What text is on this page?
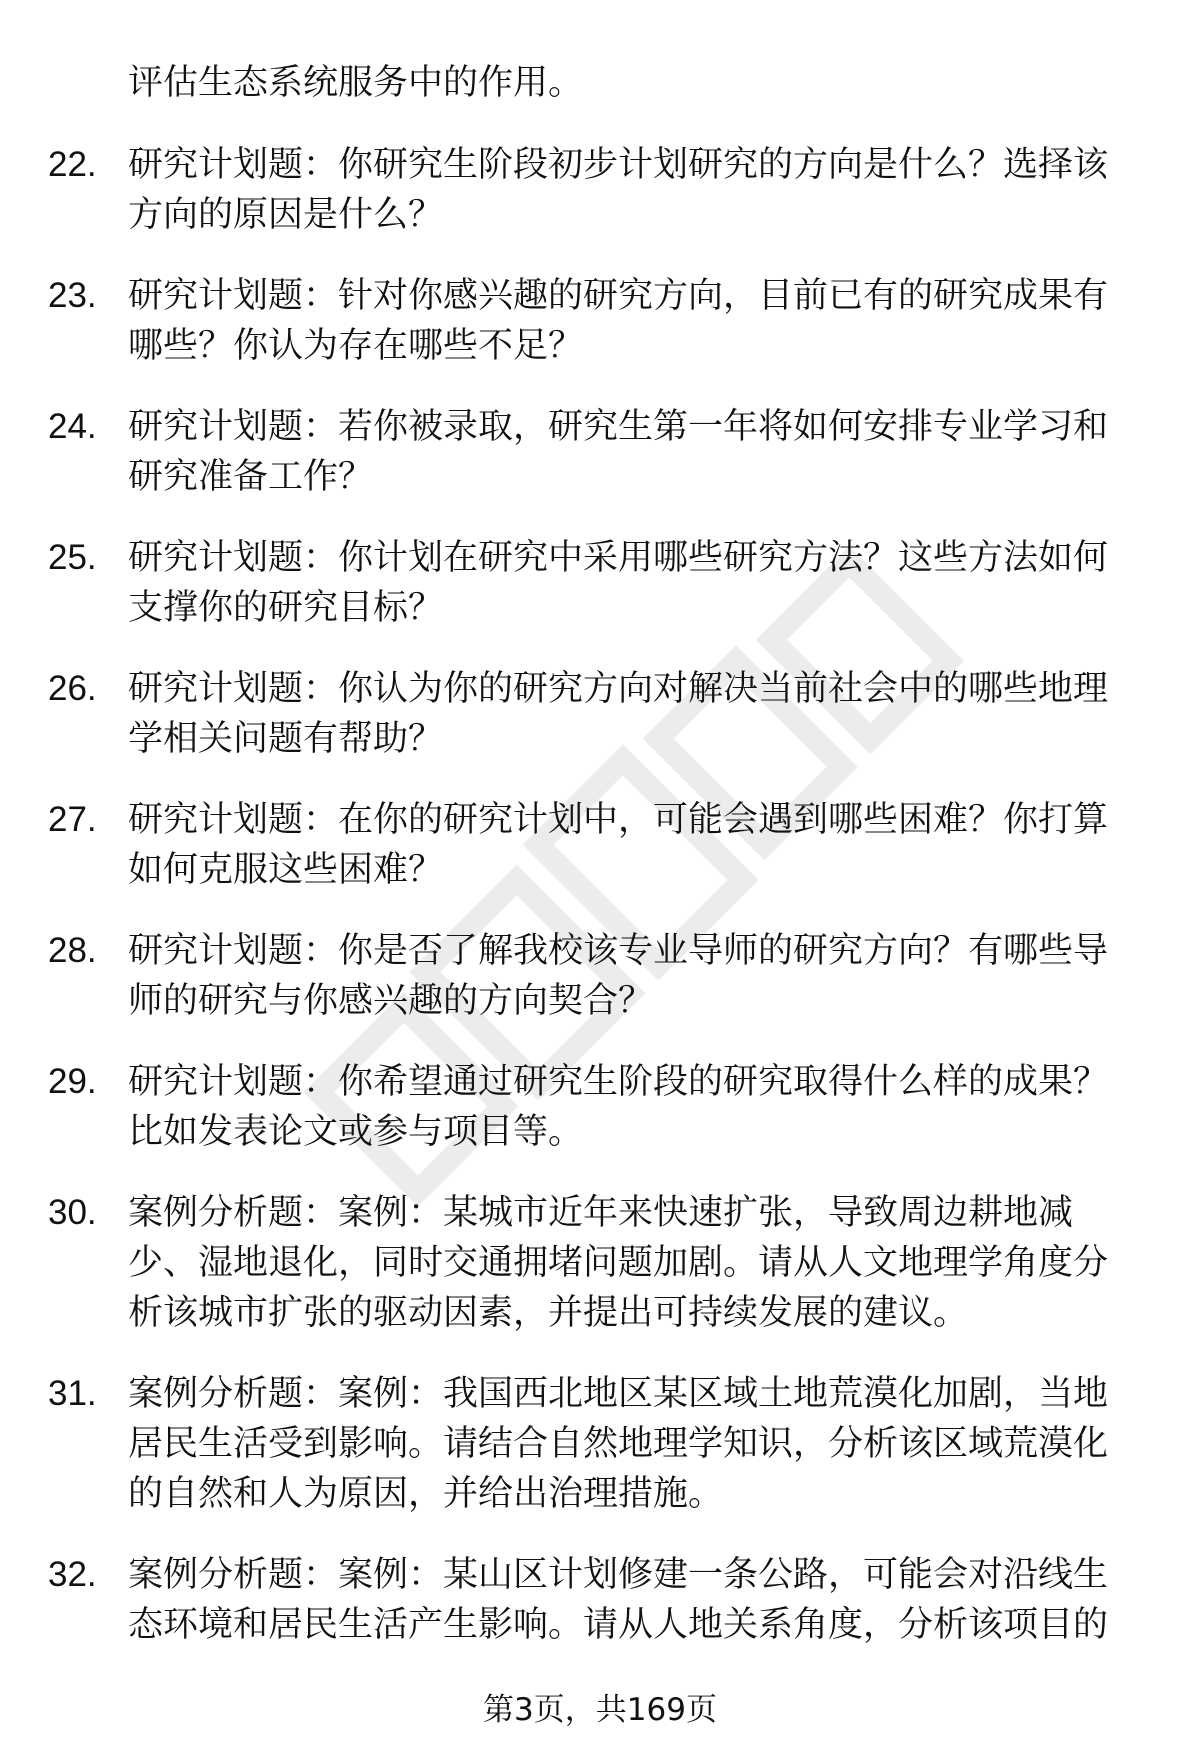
评估生态系统服务中的作用。
22. 研究计划题：你研究生阶段初步计划研究的方向是什么？选择该
方向的原因是什么？
23. 研究计划题：针对你感兴趣的研究方向，目前已有的研究成果有
哪些？你认为存在哪些不足？
24. 研究计划题：若你被录取，研究生第一年将如何安排专业学习和
研究准备工作？
25. 研究计划题：你计划在研究中采用哪些研究方法？这些方法如何
支撑你的研究目标？
26. 研究计划题：你认为你的研究方向对解决当前社会中的哪些地理
学相关问题有帮助？
27. 研究计划题：在你的研究计划中，可能会遇到哪些困难？你打算
如何克服这些困难？
28. 研究计划题：你是否了解我校该专业导师的研究方向？有哪些导
师的研究与你感兴趣的方向契合？
29. 研究计划题：你希望通过研究生阶段的研究取得什么样的成果？
比如发表论文或参与项目等。
30. 案例分析题：案例：某城市近年来快速扩张，导致周边耕地减
少、湿地退化，同时交通拥堵问题加剧。请从人文地理学角度分
析该城市扩张的驱动因素，并提出可持续发展的建议。
31. 案例分析题：案例：我国西北地区某区域土地荒漠化加剧，当地
居民生活受到影响。请结合自然地理学知识，分析该区域荒漠化
的自然和人为原因，并给出治理措施。
32. 案例分析题：案例：某山区计划修建一条公路，可能会对沿线生
态环境和居民生活产生影响。请从人地关系角度，分析该项目的
第3页，共169页
